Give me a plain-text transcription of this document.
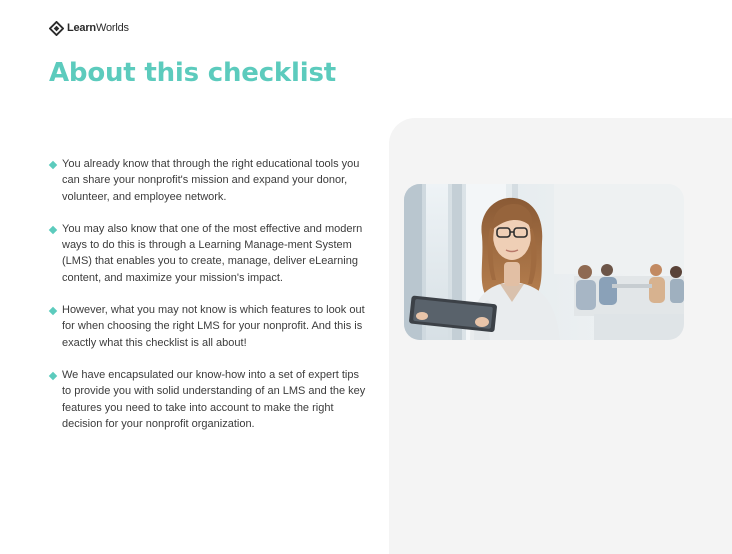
LearnWorlds
About this checklist
You already know that through the right educational tools you can share your nonprofit's mission and expand your donor, volunteer, and employee network.
You may also know that one of the most effective and modern ways to do this is through a Learning Manage-ment System (LMS) that enables you to create, manage, deliver eLearning content, and maximize your mission's impact.
However, what you may not know is which features to look out for when choosing the right LMS for your nonprofit. And this is exactly what this checklist is all about!
We have encapsulated our know-how into a set of expert tips to provide you with solid understanding of an LMS and the key features you need to take into account to make the right decision for your nonprofit organization.
